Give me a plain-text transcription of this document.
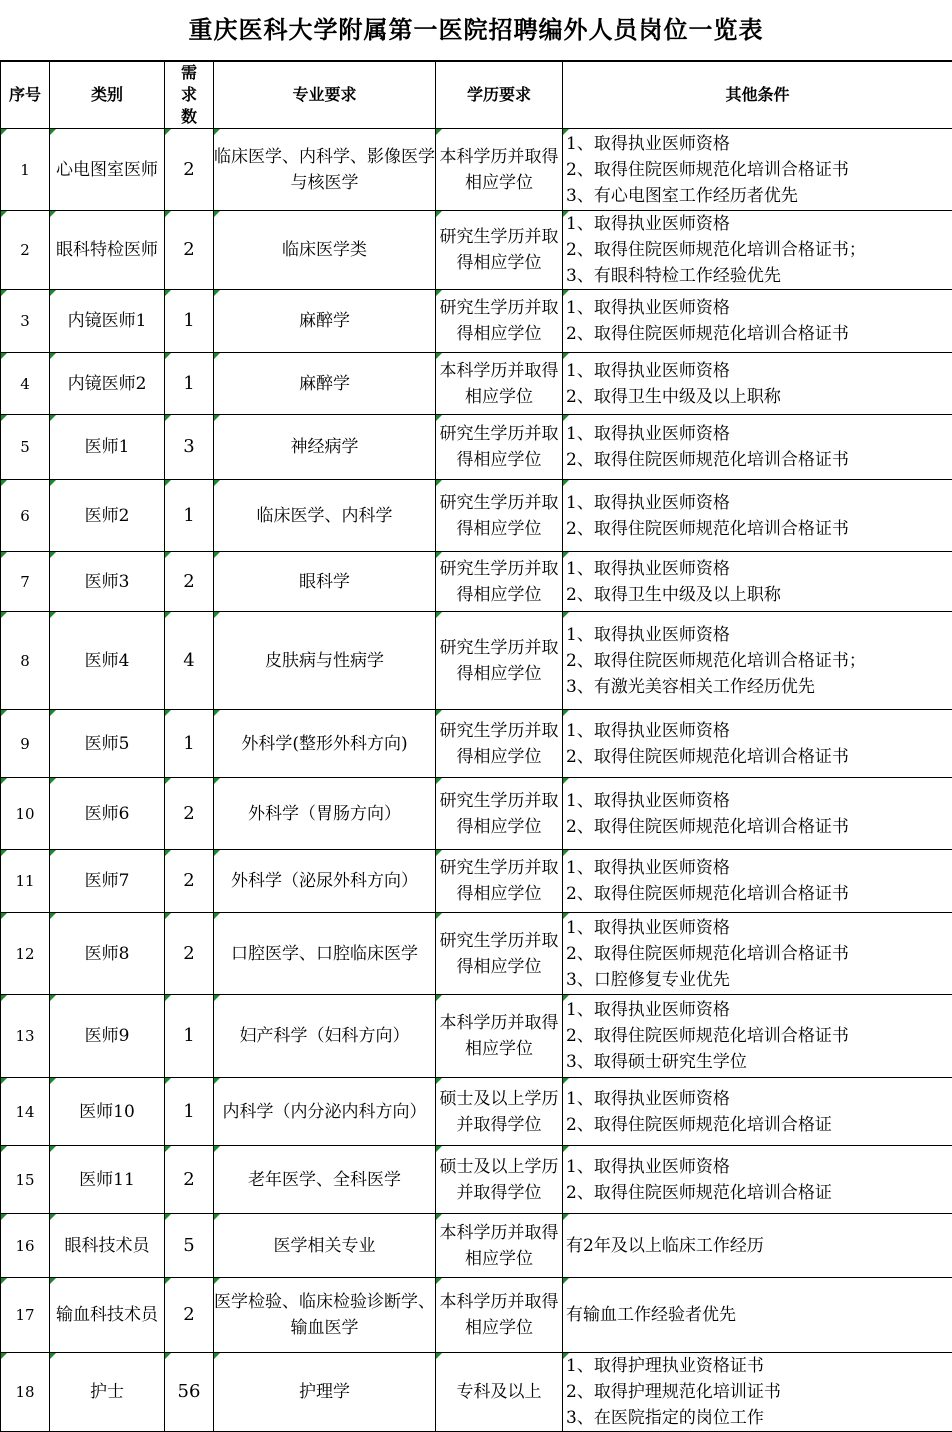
重庆医科大学附属第一医院招聘编外人员岗位一览表
序号	类别	需求数	专业要求	学历要求	其他条件

1	心电图室医师	2	临床医学、内科学、影像医学与核医学	本科学历并取得相应学位	1、取得执业医师资格
2、取得住院医师规范化培训合格证书
3、有心电图室工作经历者优先

2	眼科特检医师	2	临床医学类	研究生学历并取得相应学位	1、取得执业医师资格
2、取得住院医师规范化培训合格证书；
3、有眼科特检工作经验优先

3	内镜医师1	1	麻醉学	研究生学历并取得相应学位	1、取得执业医师资格
2、取得住院医师规范化培训合格证书

4	内镜医师2	1	麻醉学	本科学历并取得相应学位	1、取得执业医师资格
2、取得卫生中级及以上职称

5	医师1	3	神经病学	研究生学历并取得相应学位	1、取得执业医师资格
2、取得住院医师规范化培训合格证书

6	医师2	1	临床医学、内科学	研究生学历并取得相应学位	1、取得执业医师资格
2、取得住院医师规范化培训合格证书

7	医师3	2	眼科学	研究生学历并取得相应学位	1、取得执业医师资格
2、取得卫生中级及以上职称

8	医师4	4	皮肤病与性病学	研究生学历并取得相应学位	1、取得执业医师资格
2、取得住院医师规范化培训合格证书；
3、有激光美容相关工作经历优先

9	医师5	1	外科学(整形外科方向)	研究生学历并取得相应学位	1、取得执业医师资格
2、取得住院医师规范化培训合格证书

10	医师6	2	外科学（胃肠方向）	研究生学历并取得相应学位	1、取得执业医师资格
2、取得住院医师规范化培训合格证书

11	医师7	2	外科学（泌尿外科方向）	研究生学历并取得相应学位	1、取得执业医师资格
2、取得住院医师规范化培训合格证书

12	医师8	2	口腔医学、口腔临床医学	研究生学历并取得相应学位	1、取得执业医师资格
2、取得住院医师规范化培训合格证书
3、口腔修复专业优先

13	医师9	1	妇产科学（妇科方向）	本科学历并取得相应学位	1、取得执业医师资格
2、取得住院医师规范化培训合格证书
3、取得硕士研究生学位

14	医师10	1	内科学（内分泌内科方向）	硕士及以上学历并取得学位	1、取得执业医师资格
2、取得住院医师规范化培训合格证

15	医师11	2	老年医学、全科医学	硕士及以上学历并取得学位	1、取得执业医师资格
2、取得住院医师规范化培训合格证

16	眼科技术员	5	医学相关专业	本科学历并取得相应学位	有2年及以上临床工作经历

17	输血科技术员	2	医学检验、临床检验诊断学、输血医学	本科学历并取得相应学位	有输血工作经验者优先

18	护士	56	护理学	专科及以上	1、取得护理执业资格证书
2、取得护理规范化培训证书
3、在医院指定的岗位工作
